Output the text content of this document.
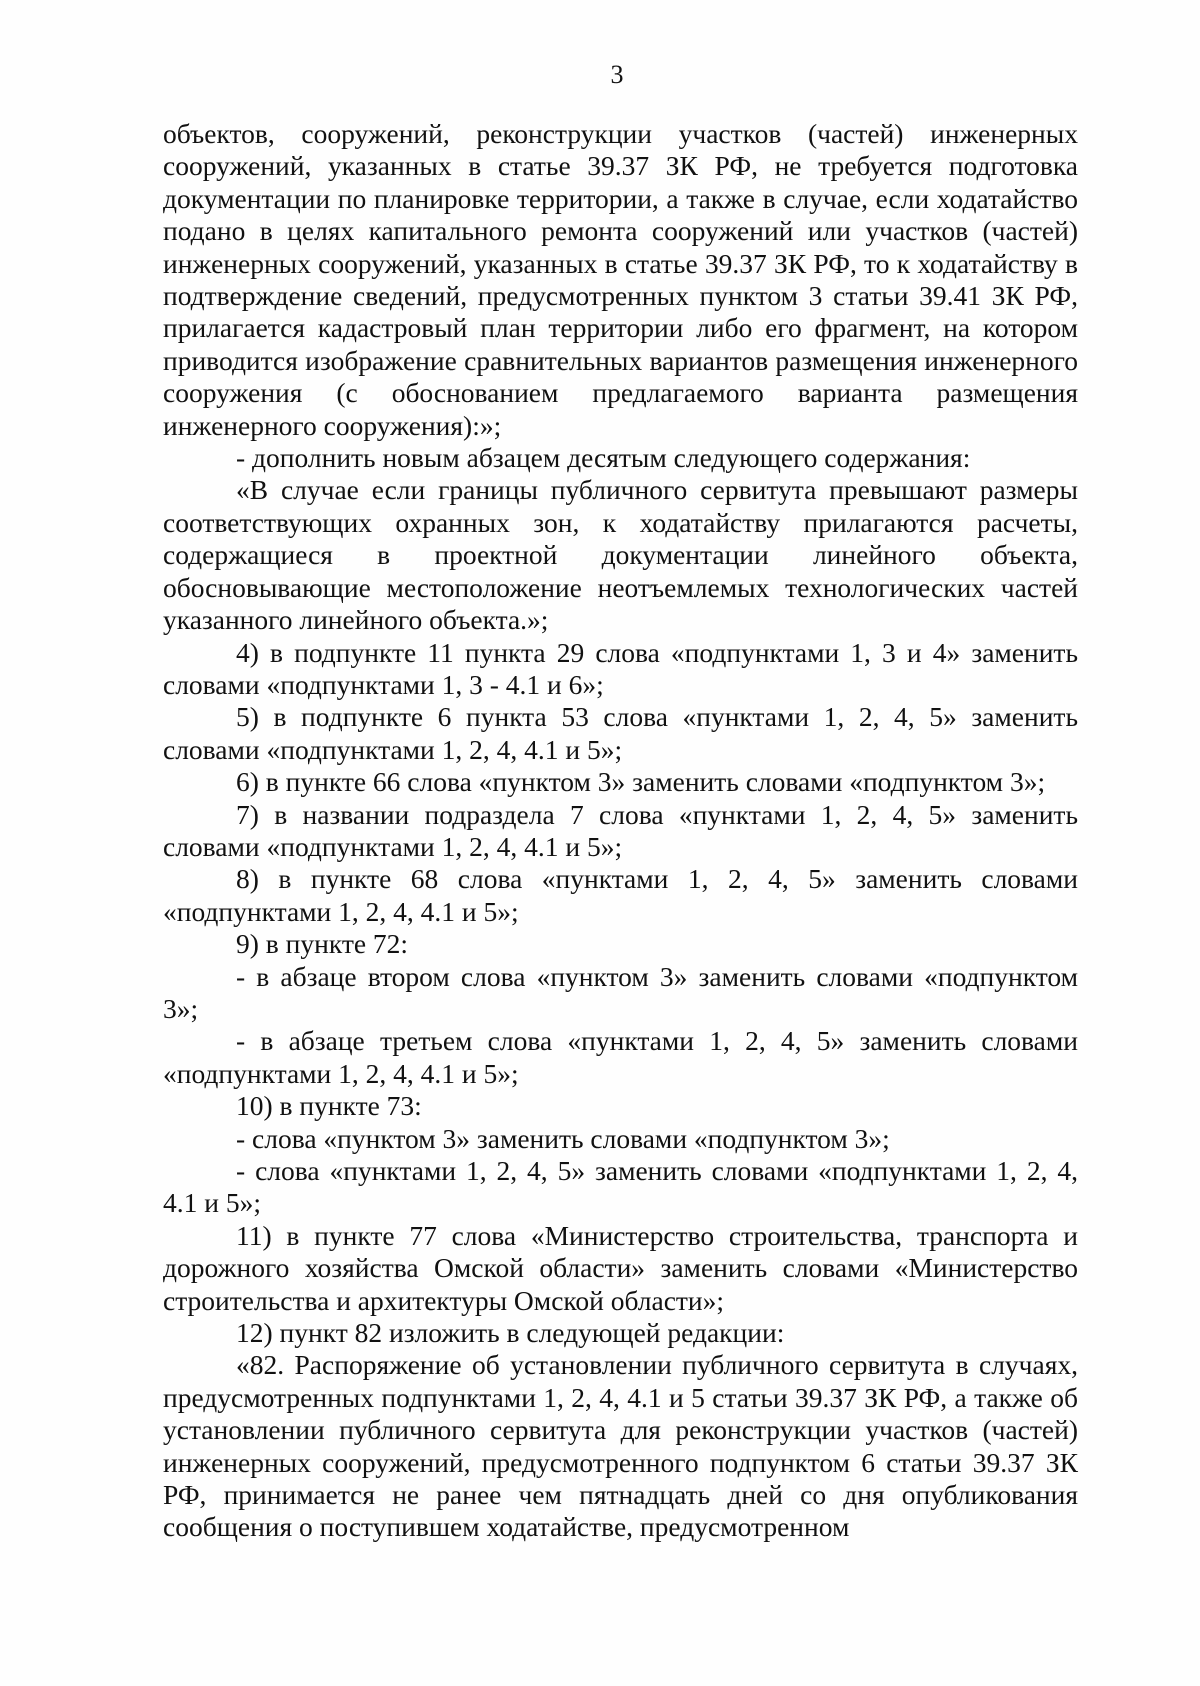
3

объектов, сооружений, реконструкции участков (частей) инженерных сооружений, указанных в статье 39.37 ЗК РФ, не требуется подготовка документации по планировке территории, а также в случае, если ходатайство подано в целях капитального ремонта сооружений или участков (частей) инженерных сооружений, указанных в статье 39.37 ЗК РФ, то к ходатайству в подтверждение сведений, предусмотренных пунктом 3 статьи 39.41 ЗК РФ, прилагается кадастровый план территории либо его фрагмент, на котором приводится изображение сравнительных вариантов размещения инженерного сооружения (с обоснованием предлагаемого варианта размещения инженерного сооружения):»;

- дополнить новым абзацем десятым следующего содержания:

«В случае если границы публичного сервитута превышают размеры соответствующих охранных зон, к ходатайству прилагаются расчеты, содержащиеся в проектной документации линейного объекта, обосновывающие местоположение неотъемлемых технологических частей указанного линейного объекта.»;

4) в подпункте 11 пункта 29 слова «подпунктами 1, 3 и 4» заменить словами «подпунктами 1, 3 - 4.1 и 6»;

5) в подпункте 6 пункта 53 слова «пунктами 1, 2, 4, 5» заменить словами «подпунктами 1, 2, 4, 4.1 и 5»;

6) в пункте 66 слова «пунктом 3» заменить словами «подпунктом 3»;

7) в названии подраздела 7 слова «пунктами 1, 2, 4, 5» заменить словами «подпунктами 1, 2, 4, 4.1 и 5»;

8) в пункте 68 слова «пунктами 1, 2, 4, 5» заменить словами «подпунктами 1, 2, 4, 4.1 и 5»;

9) в пункте 72:

- в абзаце втором слова «пунктом 3» заменить словами «подпунктом 3»;

- в абзаце третьем слова «пунктами 1, 2, 4, 5» заменить словами «подпунктами 1, 2, 4, 4.1 и 5»;

10) в пункте 73:

- слова «пунктом 3» заменить словами «подпунктом 3»;

- слова «пунктами 1, 2, 4, 5» заменить словами «подпунктами 1, 2, 4, 4.1 и 5»;

11) в пункте 77 слова «Министерство строительства, транспорта и дорожного хозяйства Омской области» заменить словами «Министерство строительства и архитектуры Омской области»;

12) пункт 82 изложить в следующей редакции:

«82. Распоряжение об установлении публичного сервитута в случаях, предусмотренных подпунктами 1, 2, 4, 4.1 и 5 статьи 39.37 ЗК РФ, а также об установлении публичного сервитута для реконструкции участков (частей) инженерных сооружений, предусмотренного подпунктом 6 статьи 39.37 ЗК РФ, принимается не ранее чем пятнадцать дней со дня опубликования сообщения о поступившем ходатайстве, предусмотренном
